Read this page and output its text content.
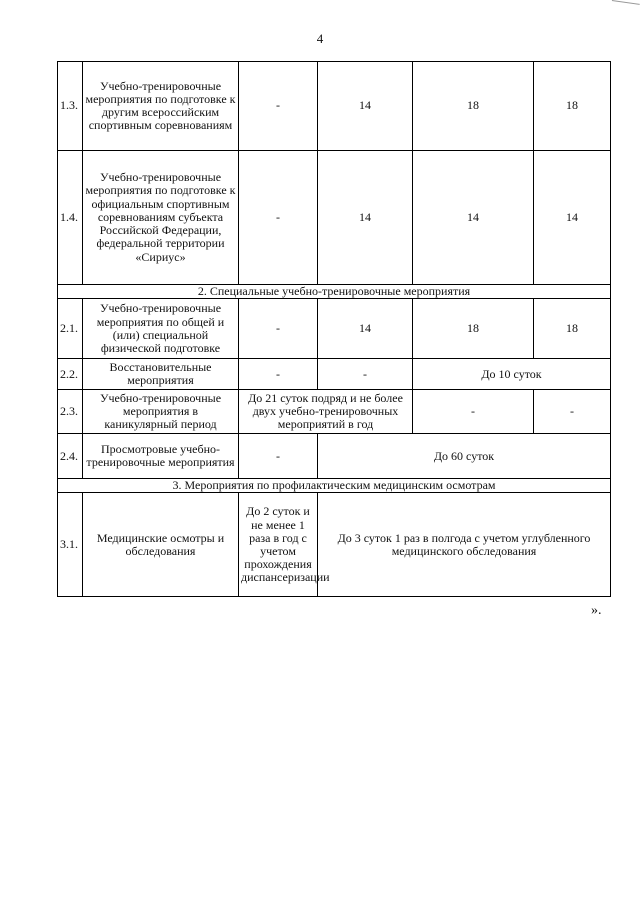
4
1.3.	Учебно-тренировочные мероприятия по подготовке к другим всероссийским спортивным соревнованиям	-	14	18	18
1.4.	Учебно-тренировочные мероприятия по подготовке к официальным спортивным соревнованиям субъекта Российской Федерации, федеральной территории «Сириус»	-	14	14	14
2. Специальные учебно-тренировочные мероприятия					
2.1.	Учебно-тренировочные мероприятия по общей и (или) специальной физической подготовке	-	14	18	18
2.2.	Восстановительные мероприятия	-	-	До 10 суток	
2.3.	Учебно-тренировочные мероприятия в каникулярный период	До 21 суток подряд и не более двух учебно-тренировочных мероприятий в год		-	-
2.4.	Просмотровые учебно-тренировочные мероприятия	-	До 60 суток		
3. Мероприятия по профилактическим медицинским осмотрам					
3.1.	Медицинские осмотры и обследования	До 2 суток и не менее 1 раза в год с учетом прохождения диспансеризации	До 3 суток 1 раз в полгода с учетом углубленного медицинского обследования		
».
